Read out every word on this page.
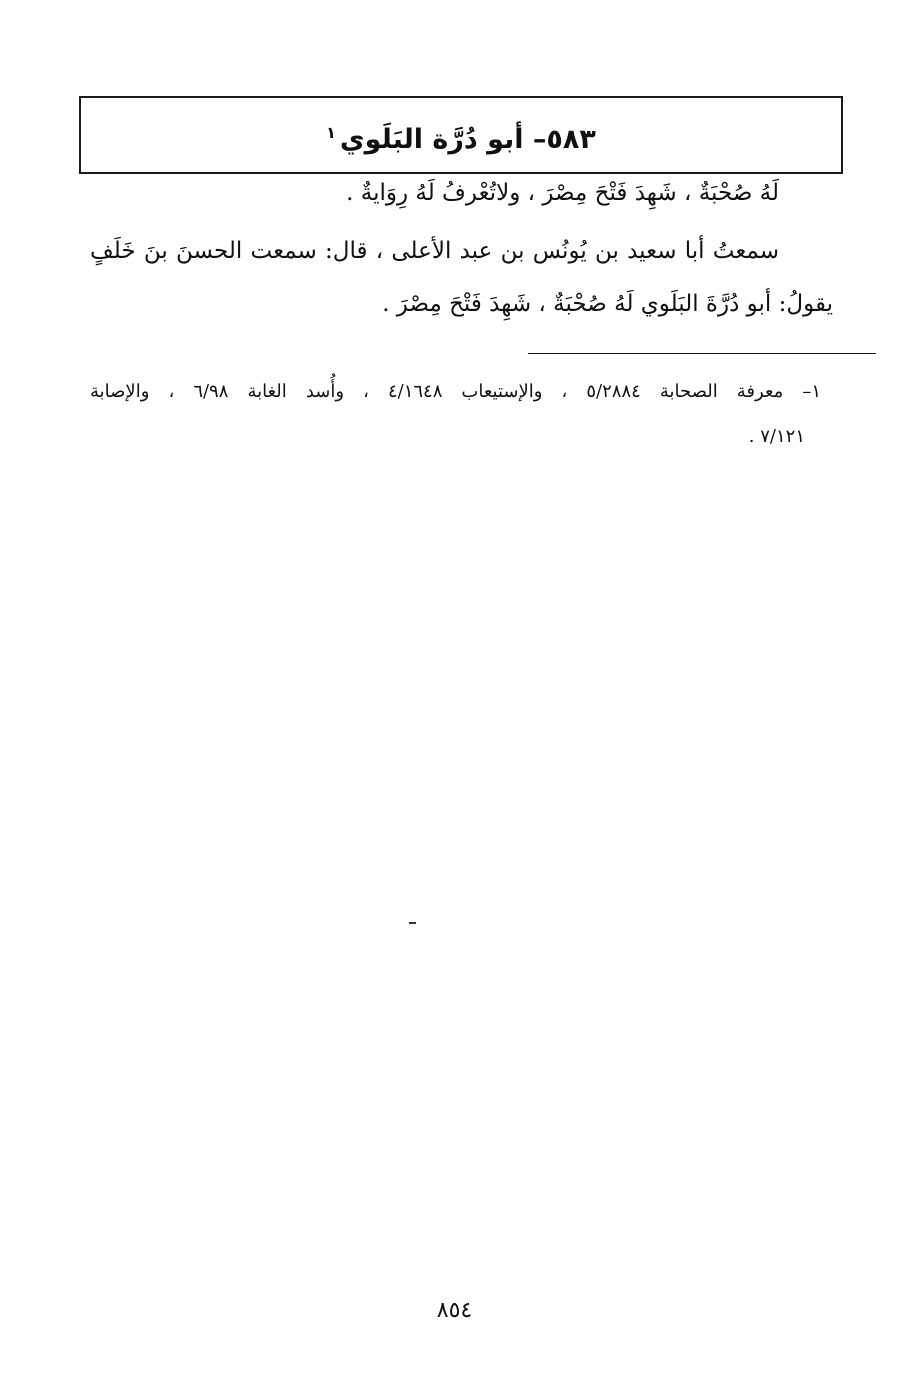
٥٨٣– أبو دُرَّة البَلَوي$^١$
لَهُ صُحْبَةٌ ، شَهِدَ فَتْحَ مِصْرَ ، ولاتُعْرفُ لَهُ رِوَايةٌ .
سمعتُ أبا سعيد بن يُونُس بن عبد الأعلى ، قال: سمعت الحسنَ بنَ خَلَفٍ
يقولُ: أبو دُرَّةَ البَلَوي لَهُ صُحْبَةٌ ، شَهِدَ فَتْحَ مِصْرَ .
١– معرفة الصحابة ٥/٢٨٨٤ ، والإستيعاب ٤/١٦٤٨ ، وأُسد الغابة ٦/٩٨ ، والإصابة
٧/١٢١ .
٨٥٤
